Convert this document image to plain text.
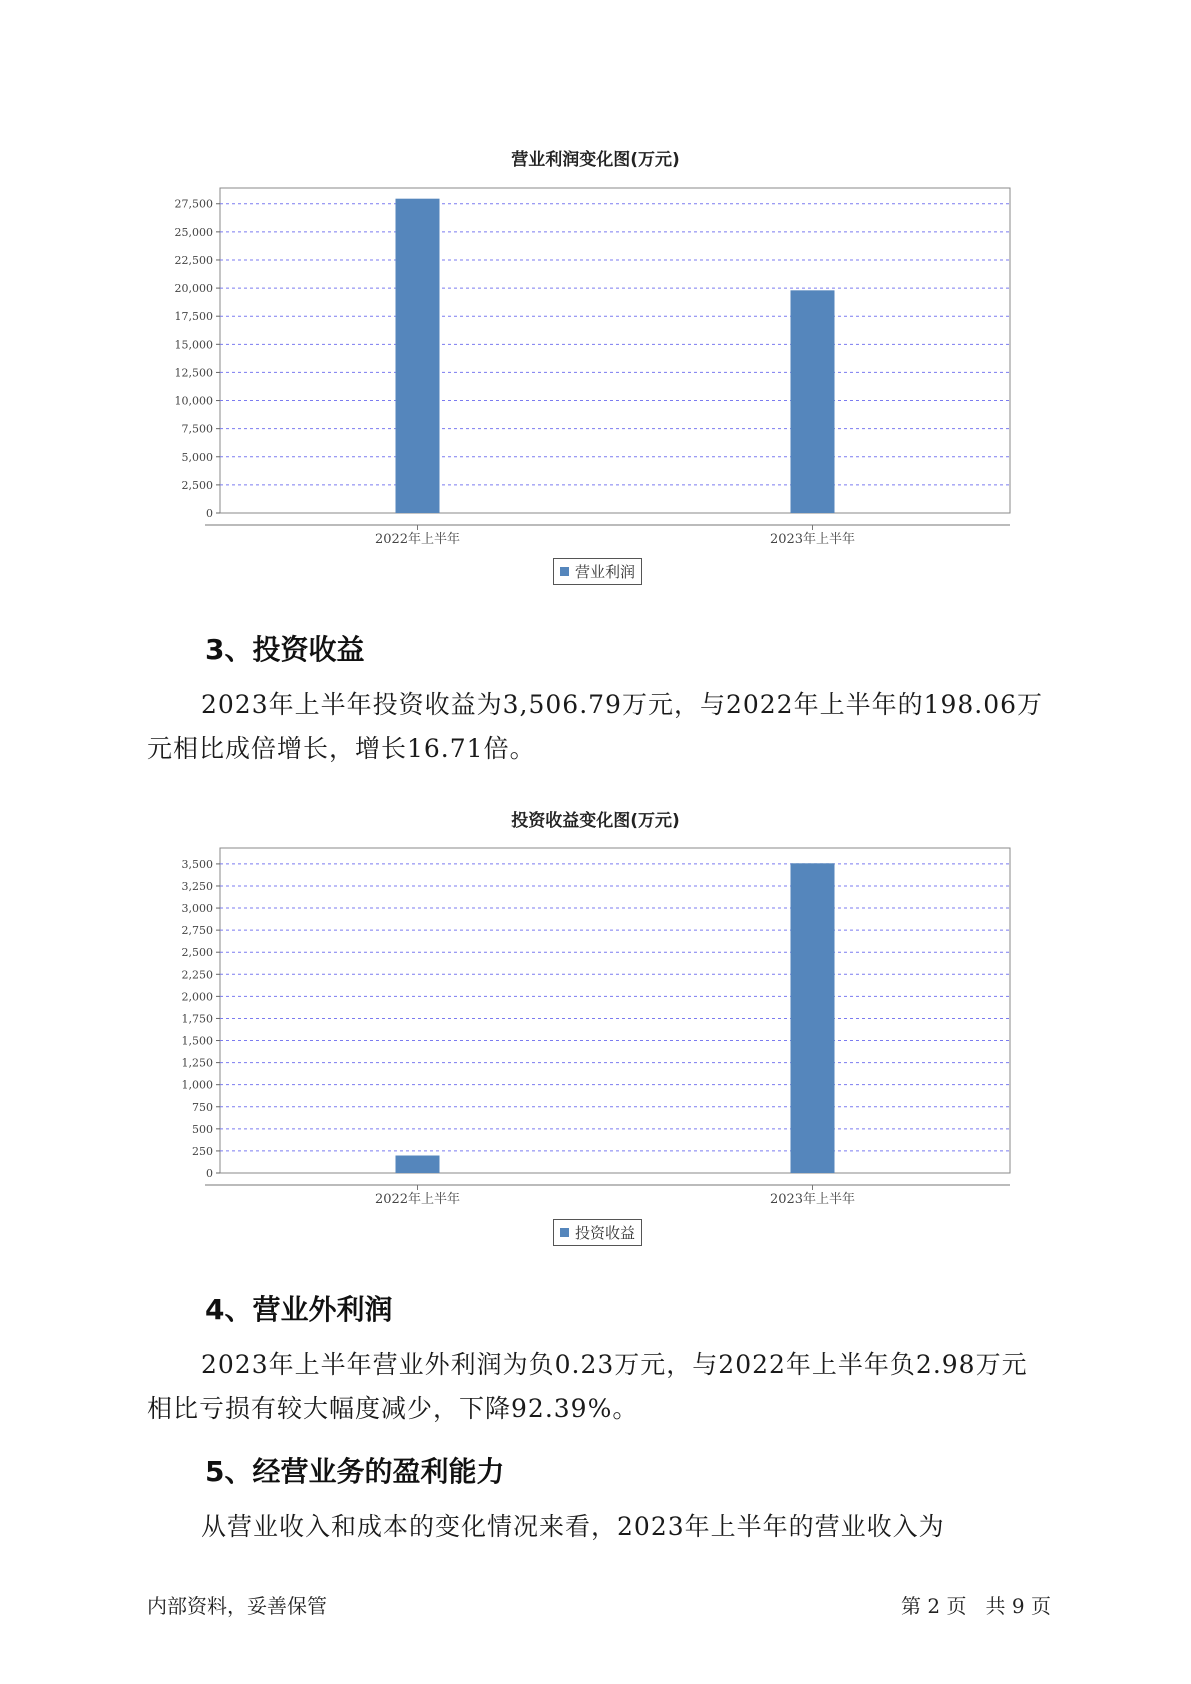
营业利润变化图(万元)
0
2,500
5,000
7,500
10,000
12,500
15,000
17,500
20,000
22,500
25,000
27,500
2022年上半年	2023年上半年
营业利润
3、投资收益
2023年上半年投资收益为3,506.79万元，与2022年上半年的198.06万元相比成倍增长，增长16.71倍。
投资收益变化图(万元)
0
250
500
750
1,000
1,250
1,500
1,750
2,000
2,250
2,500
2,750
3,000
3,250
3,500
2022年上半年	2023年上半年
投资收益
4、营业外利润
2023年上半年营业外利润为负0.23万元，与2022年上半年负2.98万元相比亏损有较大幅度减少，下降92.39%。
5、经营业务的盈利能力
从营业收入和成本的变化情况来看，2023年上半年的营业收入为
内部资料，妥善保管	第 2 页   共 9 页
